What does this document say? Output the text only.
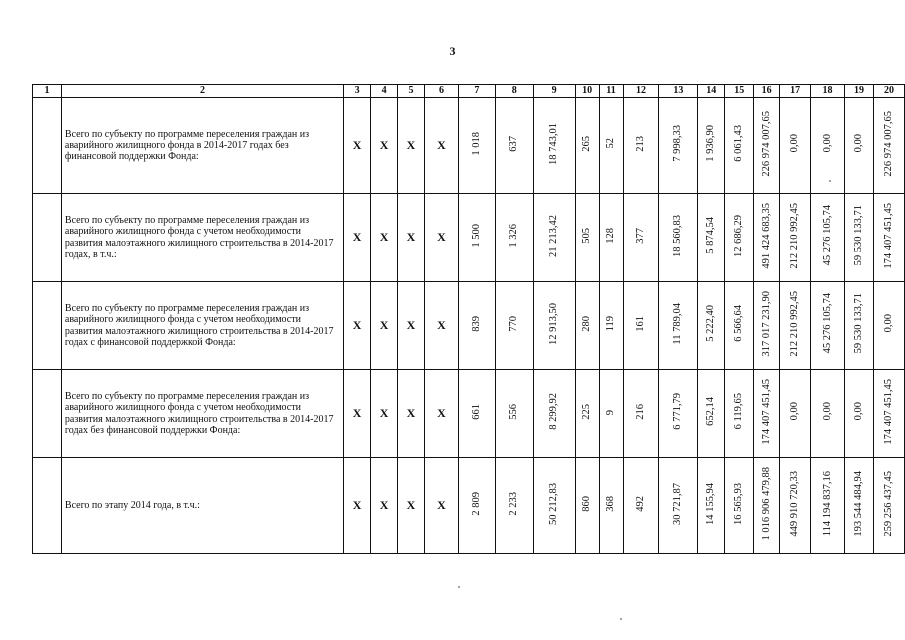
3
1	2	3	4	5	6	7	8	9	10	11	12	13	14	15	16	17	18	19	20
	Всего по субъекту по программе переселения граждан из аварийного жилищного фонда в 2014-2017 годах без финансовой поддержки Фонда:	X	X	X	X	1 018	637	18 743,01	265	52	213	7 998,33	1 936,90	6 061,43	226 974 007,65	0,00	0,00	0,00	226 974 007,65
	Всего по субъекту по программе переселения граждан из аварийного жилищного фонда с учетом необходимости развития малоэтажного жилищного строительства в 2014-2017 годах, в т.ч.:	X	X	X	X	1 500	1 326	21 213,42	505	128	377	18 560,83	5 874,54	12 686,29	491 424 683,35	212 210 992,45	45 276 105,74	59 530 133,71	174 407 451,45
	Всего по субъекту по программе переселения граждан из аварийного жилищного фонда с учетом необходимости развития малоэтажного жилищного строительства в 2014-2017 годах с финансовой поддержкой Фонда:	X	X	X	X	839	770	12 913,50	280	119	161	11 789,04	5 222,40	6 566,64	317 017 231,90	212 210 992,45	45 276 105,74	59 530 133,71	0,00
	Всего по субъекту по программе переселения граждан из аварийного жилищного фонда с учетом необходимости развития малоэтажного жилищного строительства в 2014-2017 годах без финансовой поддержки Фонда:	X	X	X	X	661	556	8 299,92	225	9	216	6 771,79	652,14	6 119,65	174 407 451,45	0,00	0,00	0,00	174 407 451,45
	Всего по этапу 2014 года, в т.ч.:	X	X	X	X	2 809	2 233	50 212,83	860	368	492	30 721,87	14 155,94	16 565,93	1 016 906 479,88	449 910 720,33	114 194 837,16	193 544 484,94	259 256 437,45
